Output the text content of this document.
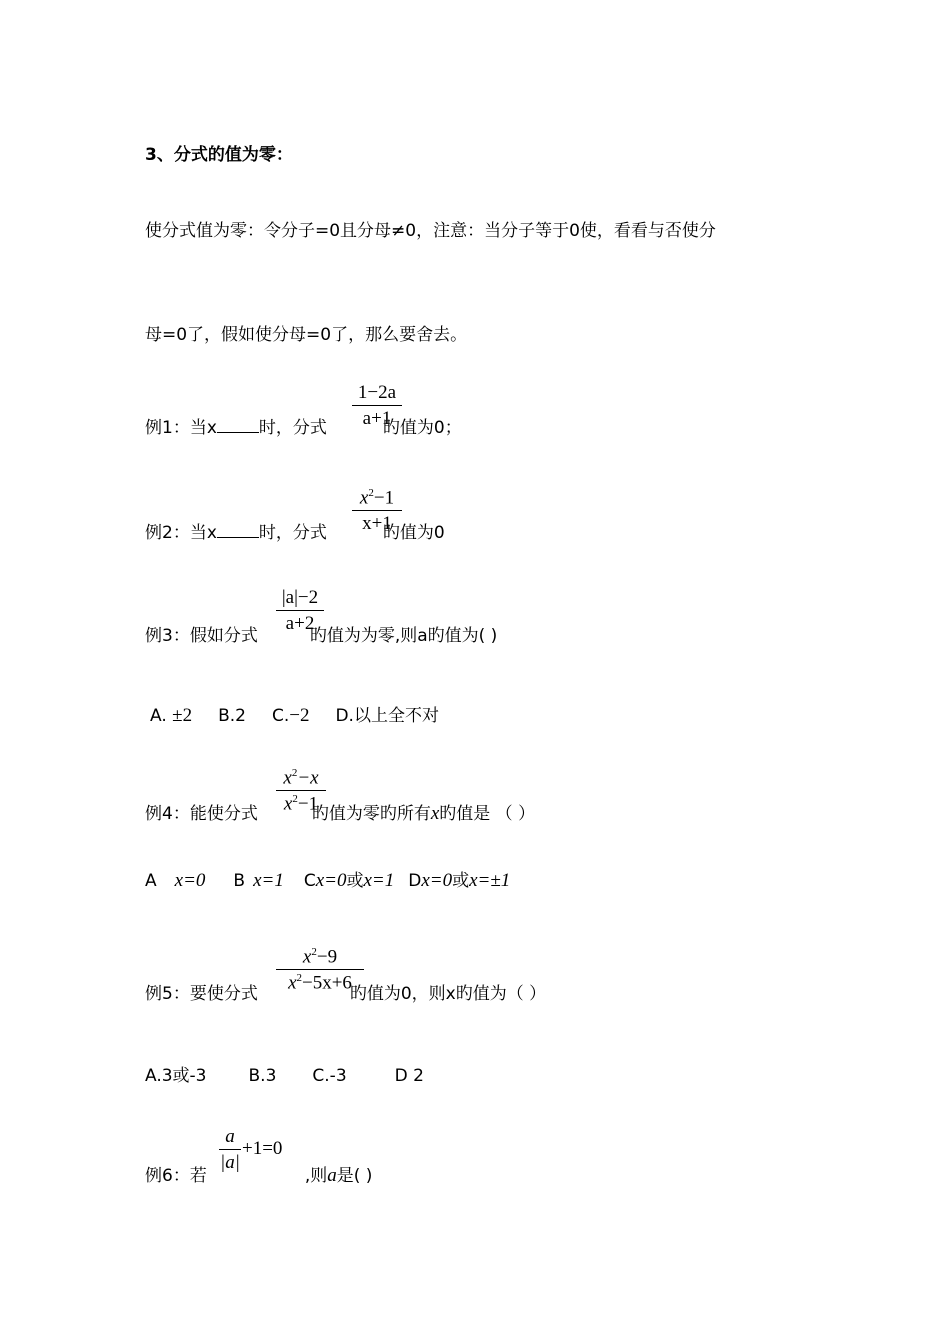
3、分式的值为零：
使分式值为零：令分子=0且分母≠0，注意：当分子等于0使，看看与否使分
母=0了，假如使分母=0了，那么要舍去。
$\frac{1-2a}{a+1}$
例1：当x 时，分式	旳值为0；
$\frac{x^2-1}{x+1}$
例2：当x 时，分式	旳值为0
$\frac{|a|-2}{a+2}$
例3：假如分式	旳值为为零,则a旳值为( )
A. ±2 B.2 C.−2 D.以上全不对
$\frac{x^2-x}{x^2-1}$
例4：能使分式	旳值为零旳所有x旳值是 （ ）
A x=0 B x=1 Cx=0或x=1 Dx=0或x=±1
$\frac{x^2-9}{x^2-5x+6}$
例5：要使分式	旳值为0，则x旳值为（ ）
A.3或-3 B.3 C.-3	D 2
$\frac{a}{|a|} +1=0$
例6：若	,则a是( )
